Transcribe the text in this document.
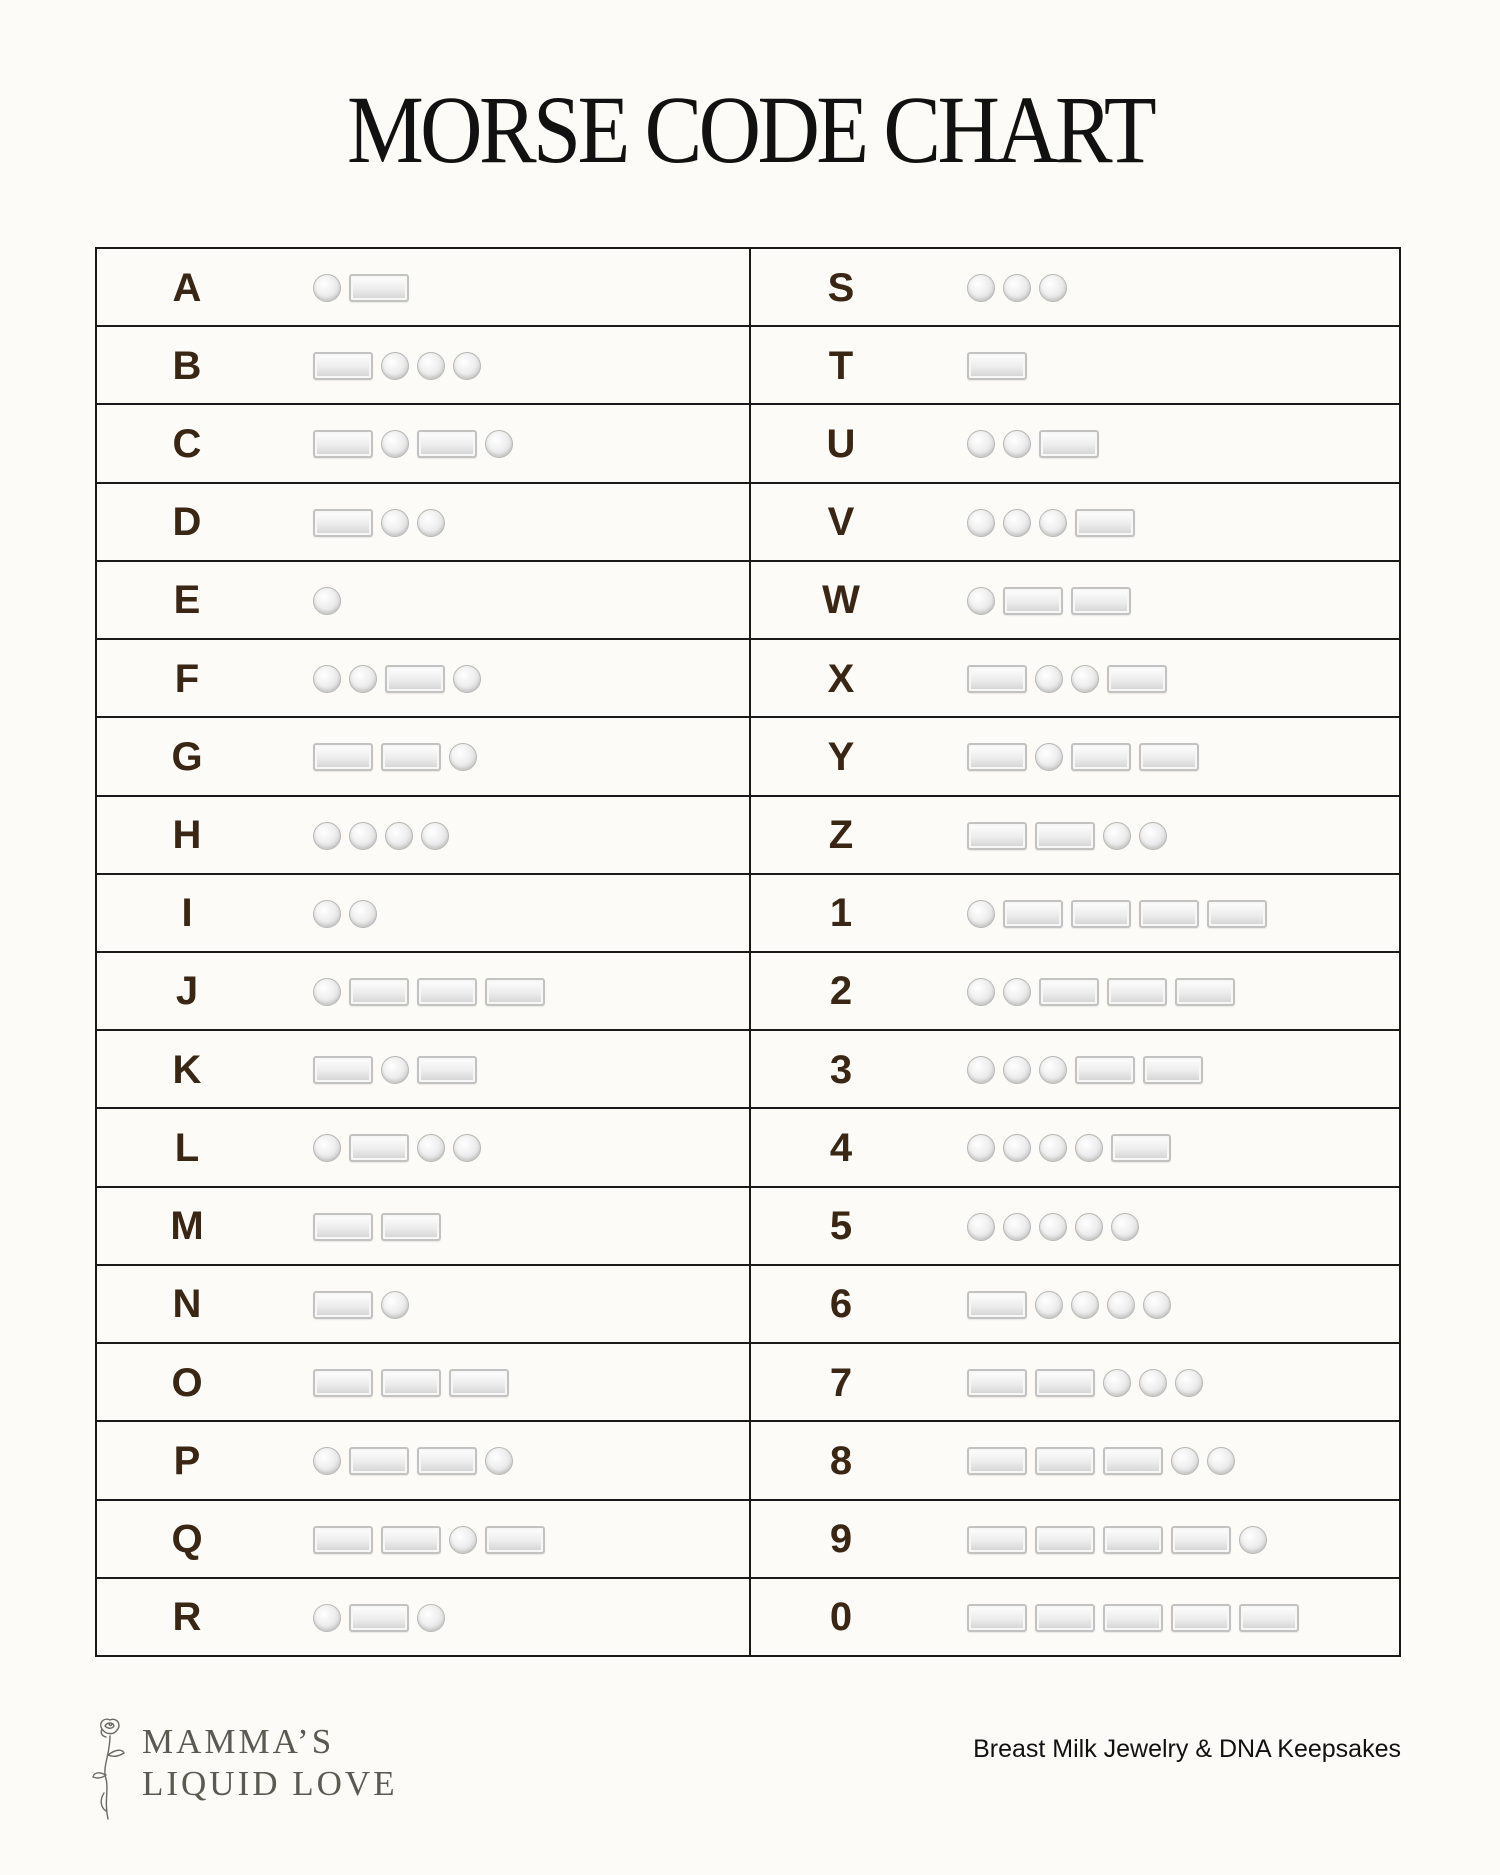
MORSE CODE CHART
A	S
B	T
C	U
D	V
E	W
F	X
G	Y
H	Z
I	1
J	2
K	3
L	4
M	5
N	6
O	7
P	8
Q	9
R	0
MAMMA’S
LIQUID LOVE
Breast Milk Jewelry & DNA Keepsakes
